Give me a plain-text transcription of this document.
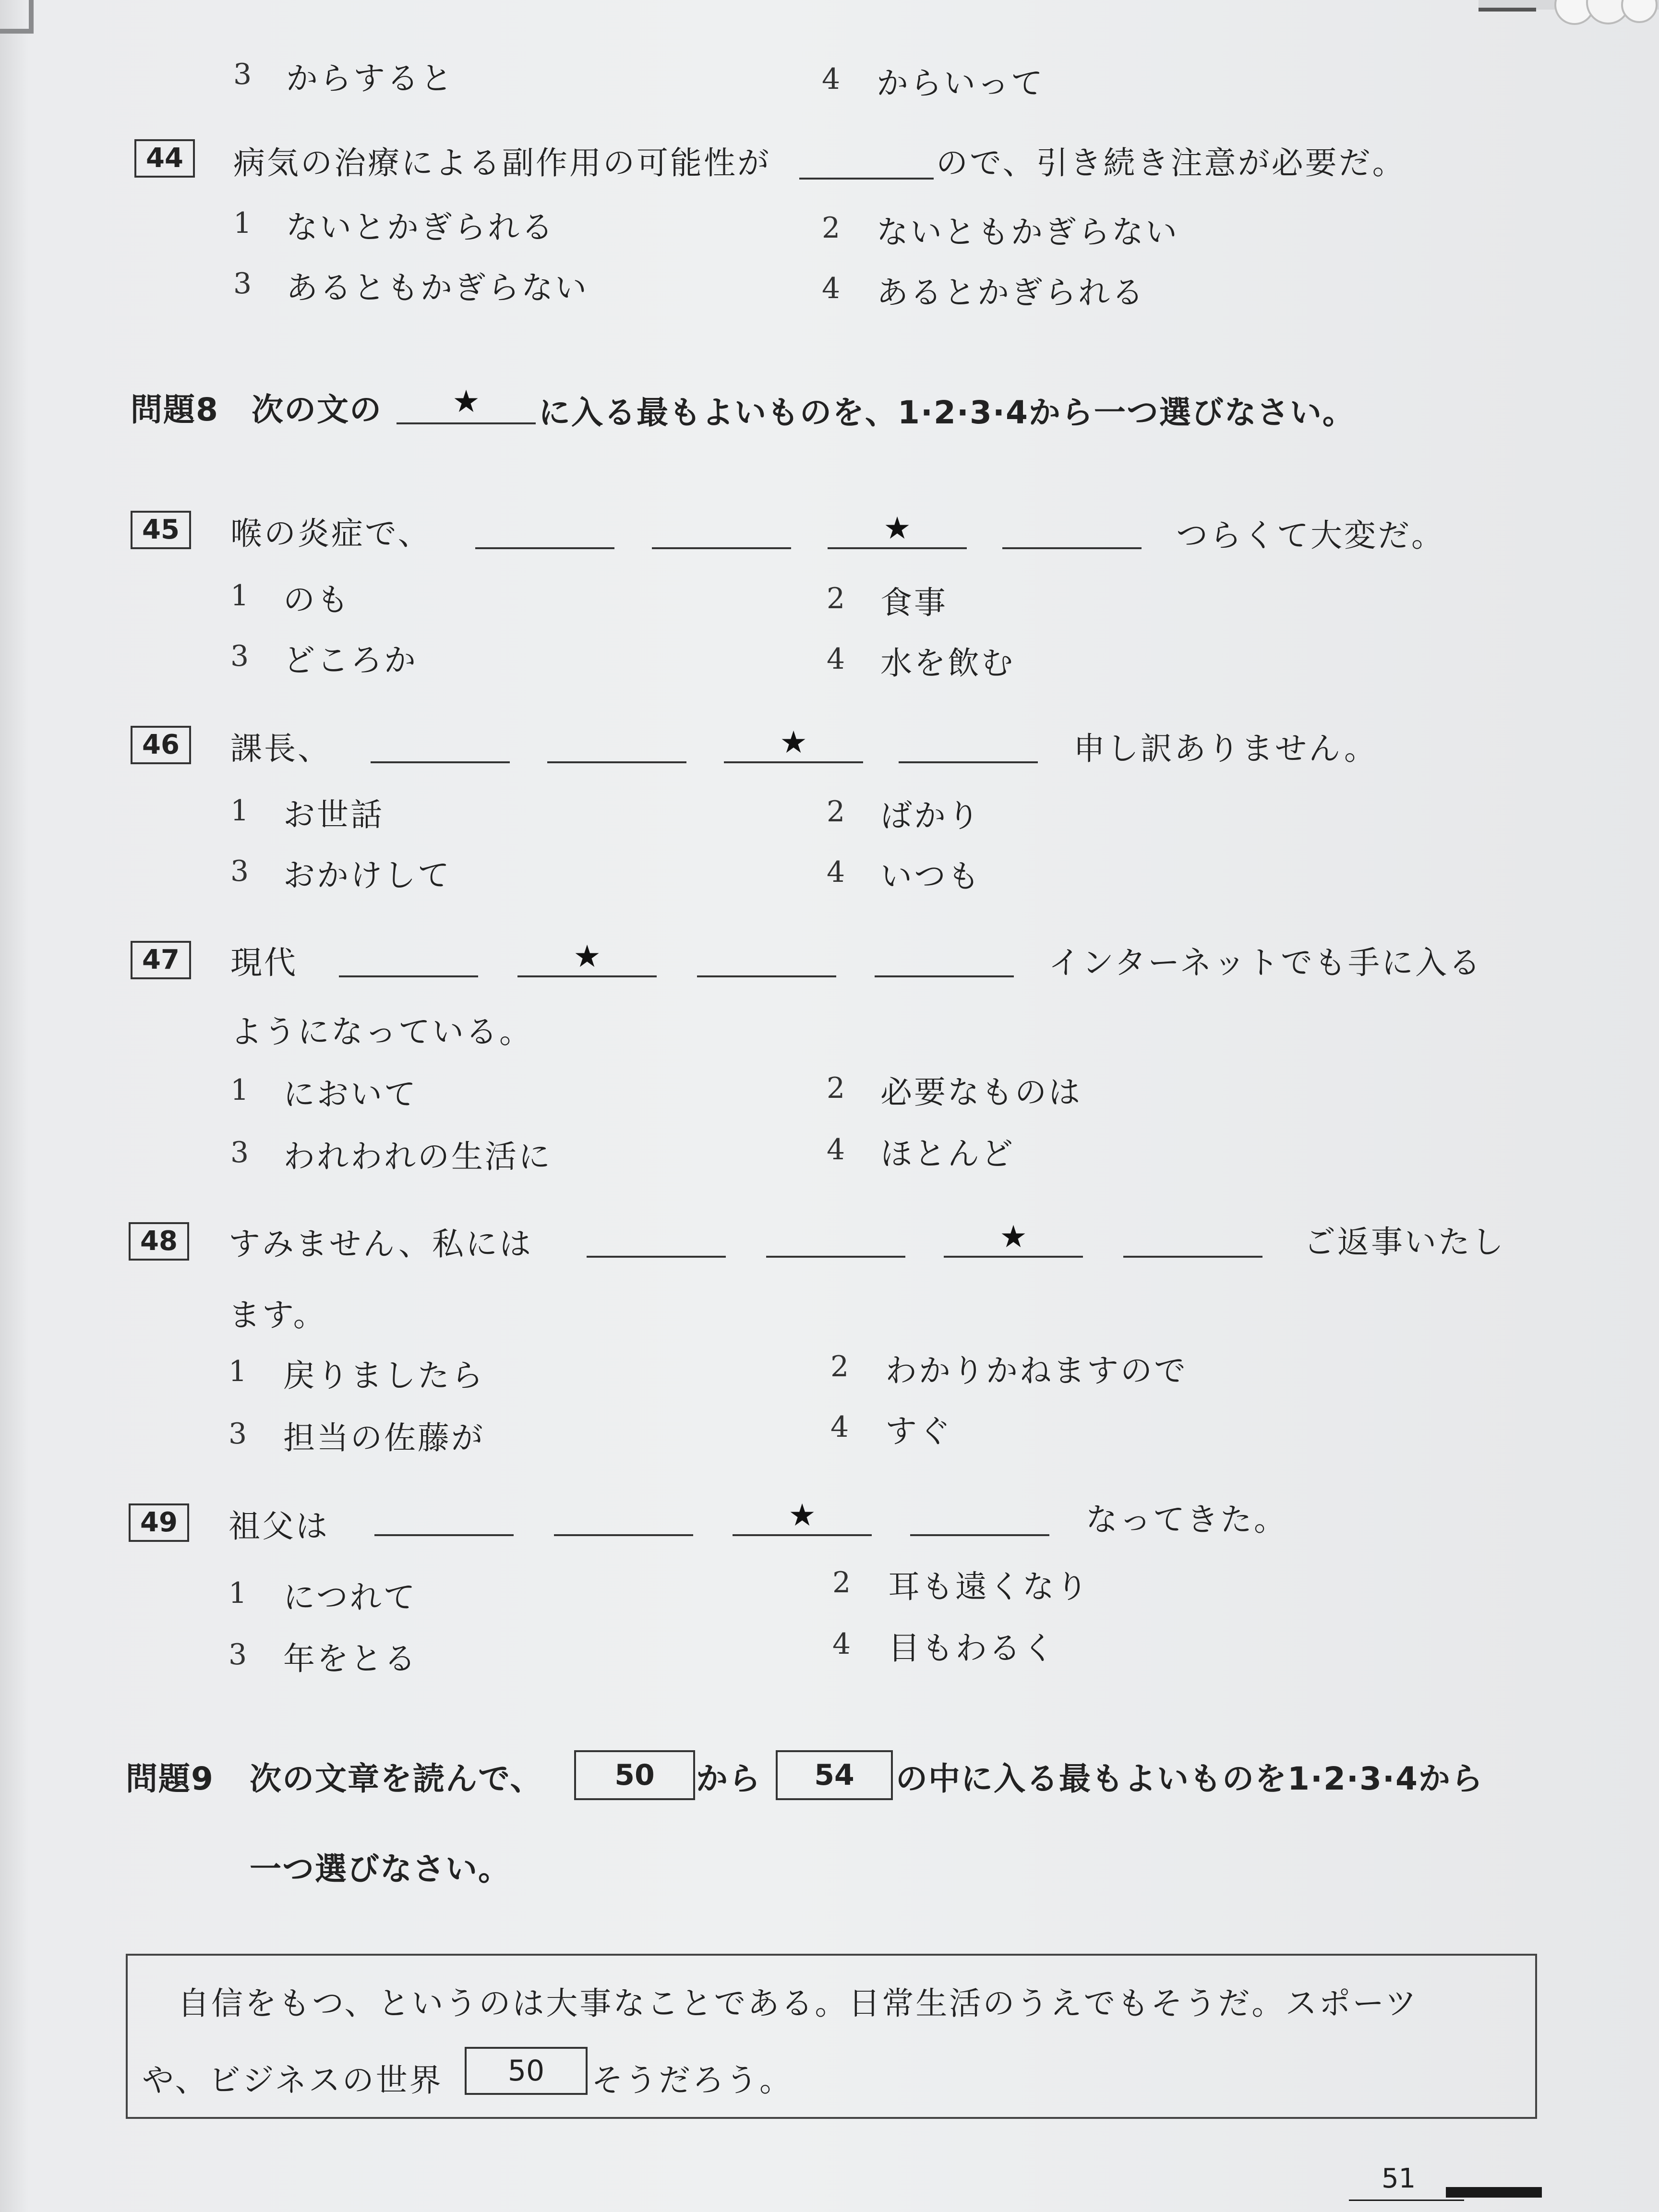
3 からすると	4 からいって
44	病気の治療による副作用の可能性が	ので、引き続き注意が必要だ。
1 ないとかぎられる	2 ないともかぎらない
3 あるともかぎらない	4 あるとかぎられる
問題8 次の文の ★ に入る最もよいものを、1·2·3·4から一つ選びなさい。
45	喉の炎症で、	★	つらくて大変だ。
1 のも	2 食事
3 どころか	4 水を飲む
46	課長、	★	申し訳ありません。
1 お世話	2 ばかり
3 おかけして	4 いつも
47	現代	★	インターネットでも手に入る
ようになっている。
1 において	2 必要なものは
3 われわれの生活に	4 ほとんど
48	すみません、私には	★	ご返事いたし
ます。
1 戻りましたら	2 わかりかねますので
3 担当の佐藤が	4 すぐ
49	祖父は	★	なってきた。
1 につれて	2 耳も遠くなり
3 年をとる	4 目もわるく
問題9 次の文章を読んで、	50	から	54	の中に入る最もよいものを1·2·3·4から
一つ選びなさい。
自信をもつ、というのは大事なことである。日常生活のうえでもそうだ。スポーツ
や、ビジネスの世界	50	そうだろう。
51
